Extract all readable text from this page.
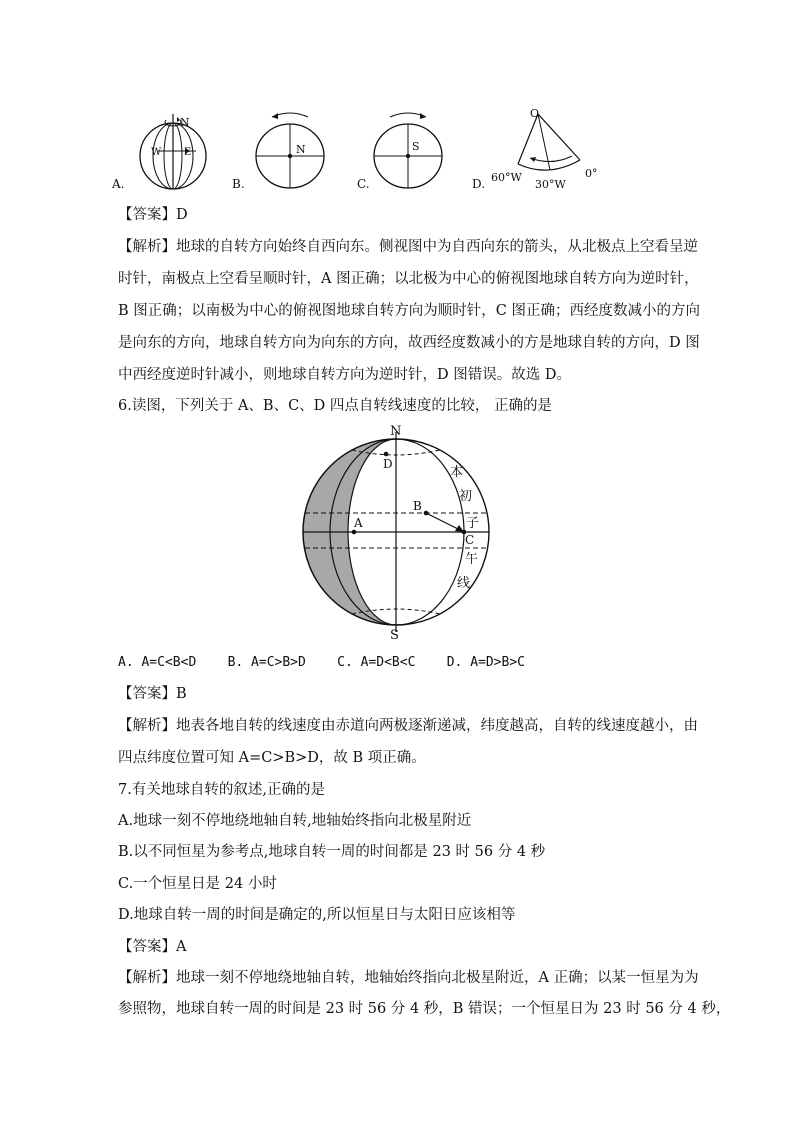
N
W E
A.
N
B.
S
C.
O
60°W
30°W
0°
D.
【答案】D
【解析】地球的自转方向始终自西向东。侧视图中为自西向东的箭头，从北极点上空看呈逆
时针，南极点上空看呈顺时针，A 图正确；以北极为中心的俯视图地球自转方向为逆时针，
B 图正确；以南极为中心的俯视图地球自转方向为顺时针，C 图正确；西经度数减小的方向
是向东的方向，地球自转方向为向东的方向，故西经度数减小的方是地球自转的方向，D 图
中西经度逆时针减小，则地球自转方向为逆时针，D 图错误。故选 D。
6.读图，下列关于 A、B、C、D 四点自转线速度的比较， 正确的是
N
S
D
A
B
C
本
初
子
午
线
A. A=C<B<D    B. A=C>B>D    C. A=D<B<C    D. A=D>B>C
【答案】B
【解析】地表各地自转的线速度由赤道向两极逐渐递减，纬度越高，自转的线速度越小，由
四点纬度位置可知 A=C>B>D，故 B 项正确。
7.有关地球自转的叙述,正确的是
A.地球一刻不停地绕地轴自转,地轴始终指向北极星附近
B.以不同恒星为参考点,地球自转一周的时间都是 23 时 56 分 4 秒
C.一个恒星日是 24 小时
D.地球自转一周的时间是确定的,所以恒星日与太阳日应该相等
【答案】A
【解析】地球一刻不停地绕地轴自转，地轴始终指向北极星附近，A 正确；以某一恒星为为
参照物，地球自转一周的时间是 23 时 56 分 4 秒，B 错误；一个恒星日为 23 时 56 分 4 秒，
